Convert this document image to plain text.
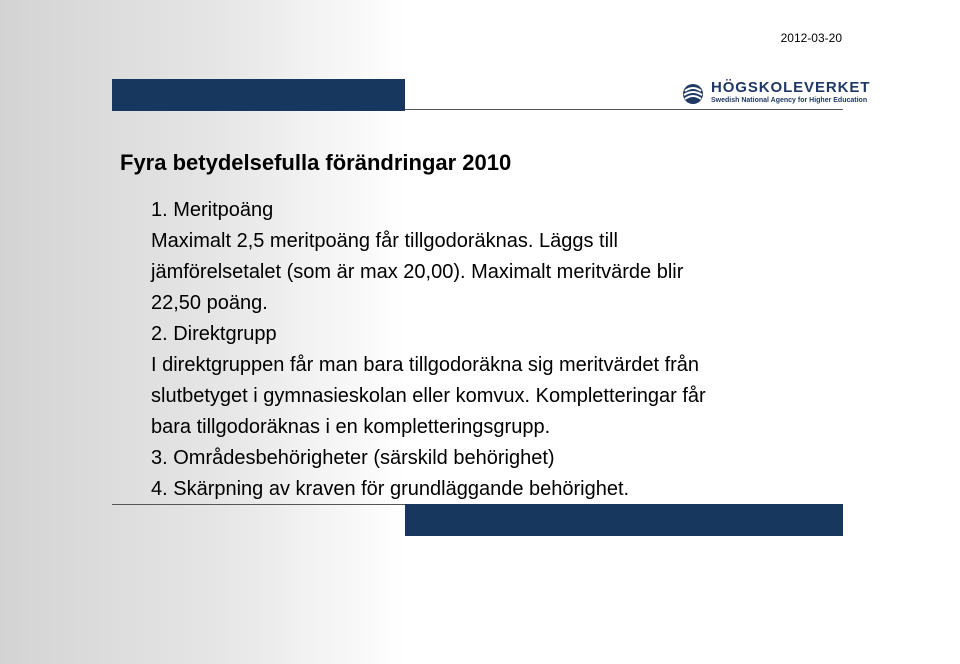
2012-03-20
HÖGSKOLEVERKET
Swedish National Agency for Higher Education
Fyra betydelsefulla förändringar 2010
1. Meritpoäng
Maximalt 2,5 meritpoäng får tillgodoräknas. Läggs till
jämförelsetalet (som är max 20,00). Maximalt meritvärde blir
22,50 poäng.
2. Direktgrupp
I direktgruppen får man bara tillgodoräkna sig meritvärdet från
slutbetyget i gymnasieskolan eller komvux. Kompletteringar får
bara tillgodoräknas i en kompletteringsgrupp.
3. Områdesbehörigheter (särskild behörighet)
4. Skärpning av kraven för grundläggande behörighet.
